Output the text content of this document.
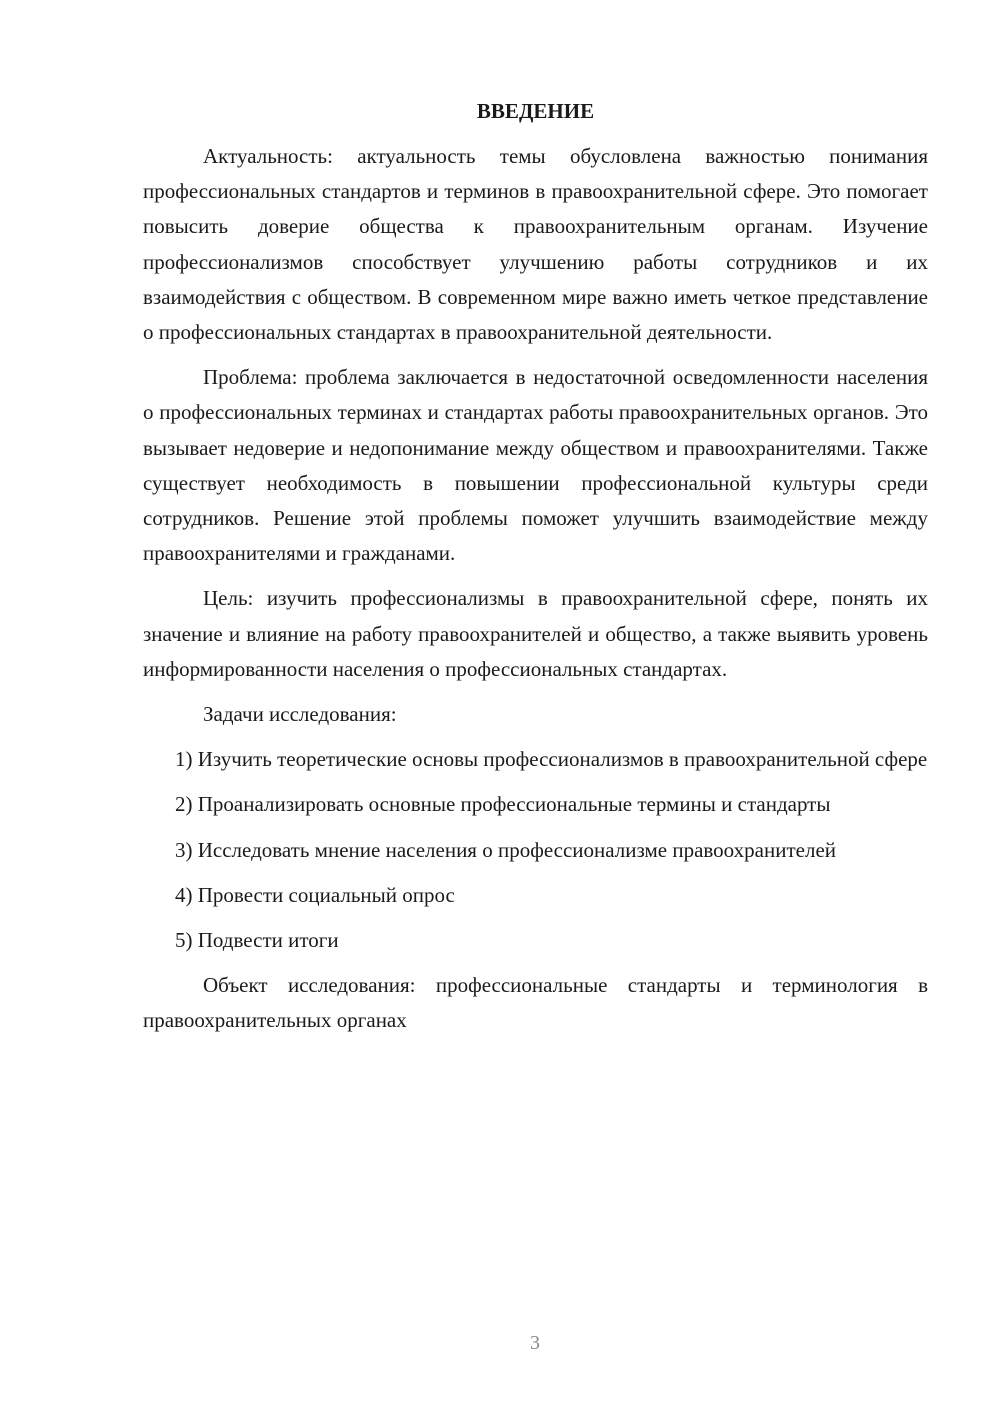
ВВЕДЕНИЕ

Актуальность: актуальность темы обусловлена важностью понимания профессиональных стандартов и терминов в правоохранительной сфере. Это помогает повысить доверие общества к правоохранительным органам. Изучение профессионализмов способствует улучшению работы сотрудников и их взаимодействия с обществом. В современном мире важно иметь четкое представление о профессиональных стандартах в правоохранительной деятельности.

Проблема: проблема заключается в недостаточной осведомленности населения о профессиональных терминах и стандартах работы правоохранительных органов. Это вызывает недоверие и недопонимание между обществом и правоохранителями. Также существует необходимость в повышении профессиональной культуры среди сотрудников. Решение этой проблемы поможет улучшить взаимодействие между правоохранителями и гражданами.

Цель: изучить профессионализмы в правоохранительной сфере, понять их значение и влияние на работу правоохранителей и общество, а также выявить уровень информированности населения о профессиональных стандартах.

Задачи исследования:

1) Изучить теоретические основы профессионализмов в правоохранительной сфере

2) Проанализировать основные профессиональные термины и стандарты

3) Исследовать мнение населения о профессионализме правоохранителей

4) Провести социальный опрос

5) Подвести итоги

Объект исследования: профессиональные стандарты и терминология в правоохранительных органах

3
